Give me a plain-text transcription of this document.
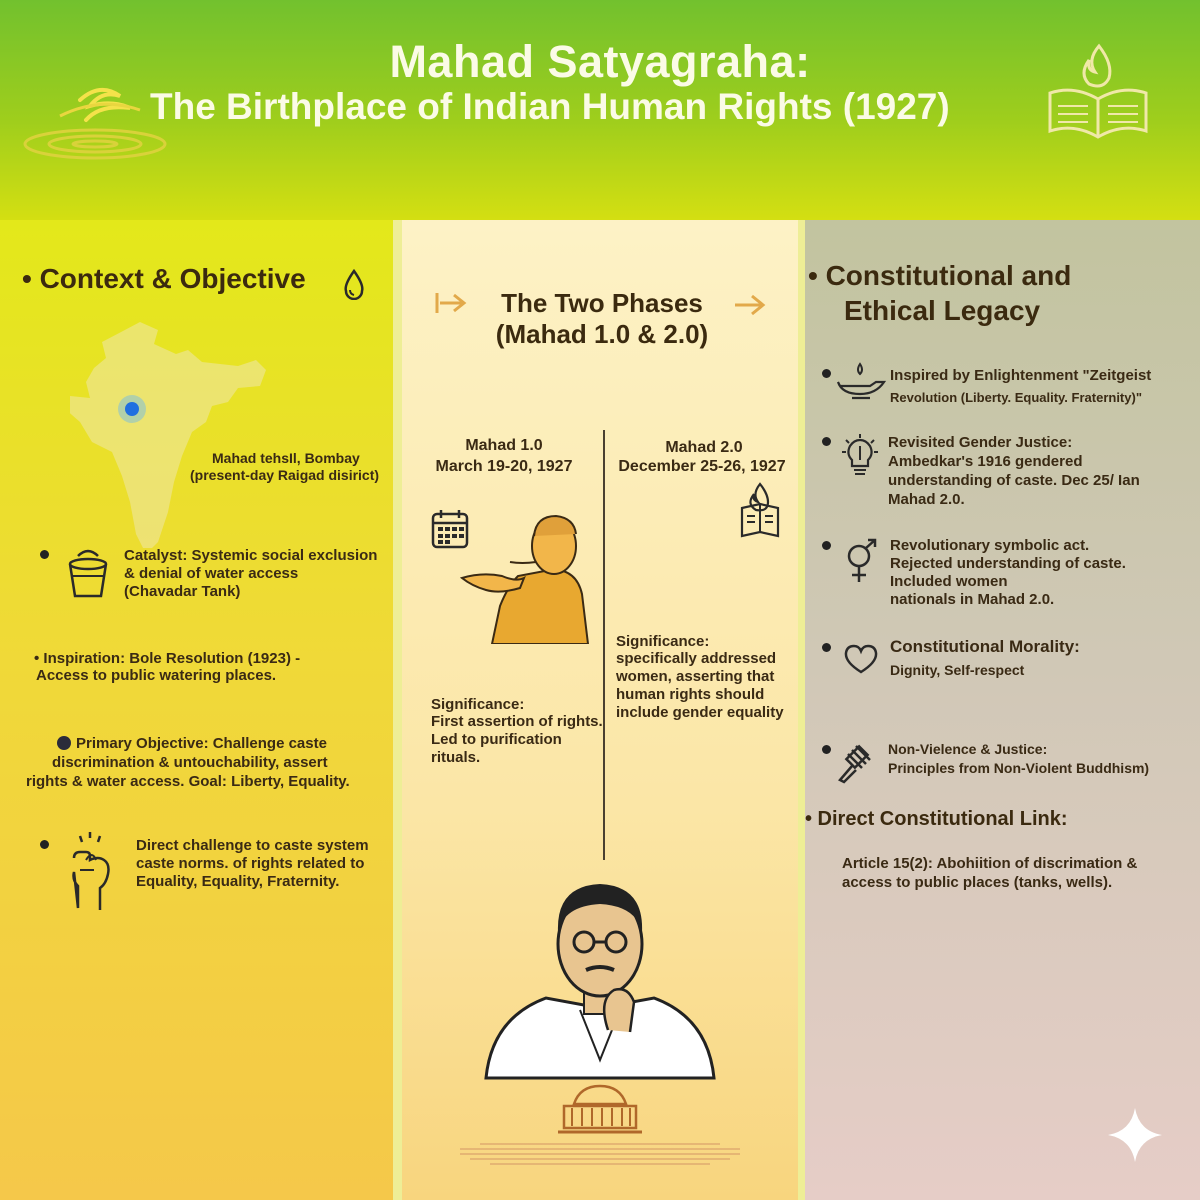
Mahad Satyagraha:
The Birthplace of Indian Human Rights (1927)
• Context & Objective
Mahad tehsIl, Bombay
(present-day Raigad disirict)
Catalyst: Systemic social exclusion
& denial of water access
(Chavadar Tank)
• Inspiration: Bole Resolution (1923) -
Access to public watering places.
Primary Objective: Challenge caste
discrimination & untouchability, assert
rights & water access. Goal: Liberty, Equality.
Direct challenge to caste system
caste norms. of rights related to
Equality, Equality, Fraternity.
The Two Phases
(Mahad 1.0 & 2.0)
Mahad 1.0
March 19-20, 1927
Mahad 2.0
December 25-26, 1927
Significance:
specifically addressed
women, asserting that
human rights should
include gender equality
Significance:
First assertion of rights.
Led to purification
rituals.
• Constitutional and
Ethical Legacy
Inspired by Enlightenment "Zeitgeist
Revolution (Liberty. Equality. Fraternity)"
Revisited Gender Justice:
Ambedkar's 1916 gendered
understanding of caste. Dec 25/ Ian
Mahad 2.0.
Revolutionary symbolic act.
Rejected understanding of caste.
Included women
nationals in Mahad 2.0.
Constitutional Morality:
Dignity, Self-respect
Non-Vielence & Justice:
Principles from Non-Violent Buddhism)
• Direct Constitutional Link:
Article 15(2): Abohiition of discrimation &
access to public places (tanks, wells).
